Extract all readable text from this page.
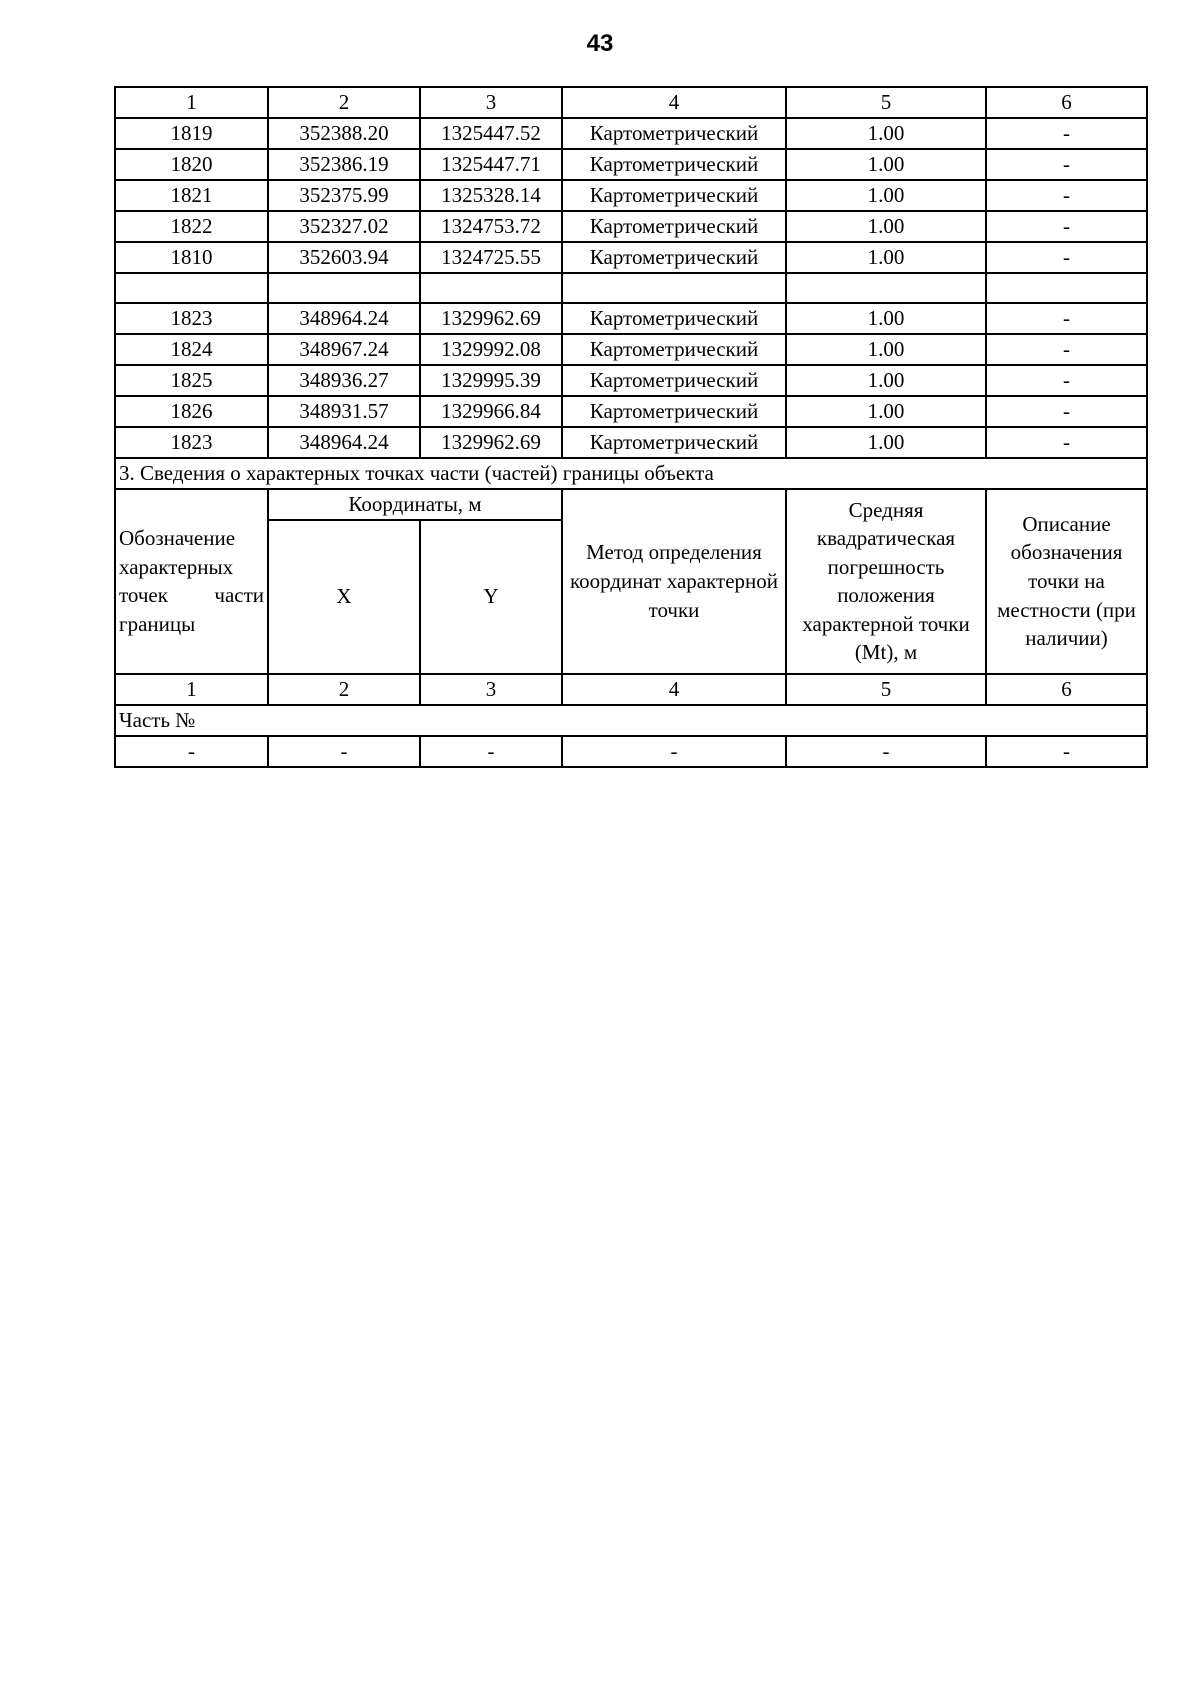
43
1	2	3	4	5	6
1819	352388.20	1325447.52	Картометрический	1.00	-
1820	352386.19	1325447.71	Картометрический	1.00	-
1821	352375.99	1325328.14	Картометрический	1.00	-
1822	352327.02	1324753.72	Картометрический	1.00	-
1810	352603.94	1324725.55	Картометрический	1.00	-

1823	348964.24	1329962.69	Картометрический	1.00	-
1824	348967.24	1329992.08	Картометрический	1.00	-
1825	348936.27	1329995.39	Картометрический	1.00	-
1826	348931.57	1329966.84	Картометрический	1.00	-
1823	348964.24	1329962.69	Картометрический	1.00	-
3. Сведения о характерных точках части (частей) границы объекта					
Обозначение характерных точек части границы	Координаты, м		Метод определения координат характерной точки	Средняя квадратическая погрешность положения характерной точки (Mt), м	Описание обозначения точки на местности (при наличии)
	X	Y			
1	2	3	4	5	6
Часть №					
-	-	-	-	-	-
